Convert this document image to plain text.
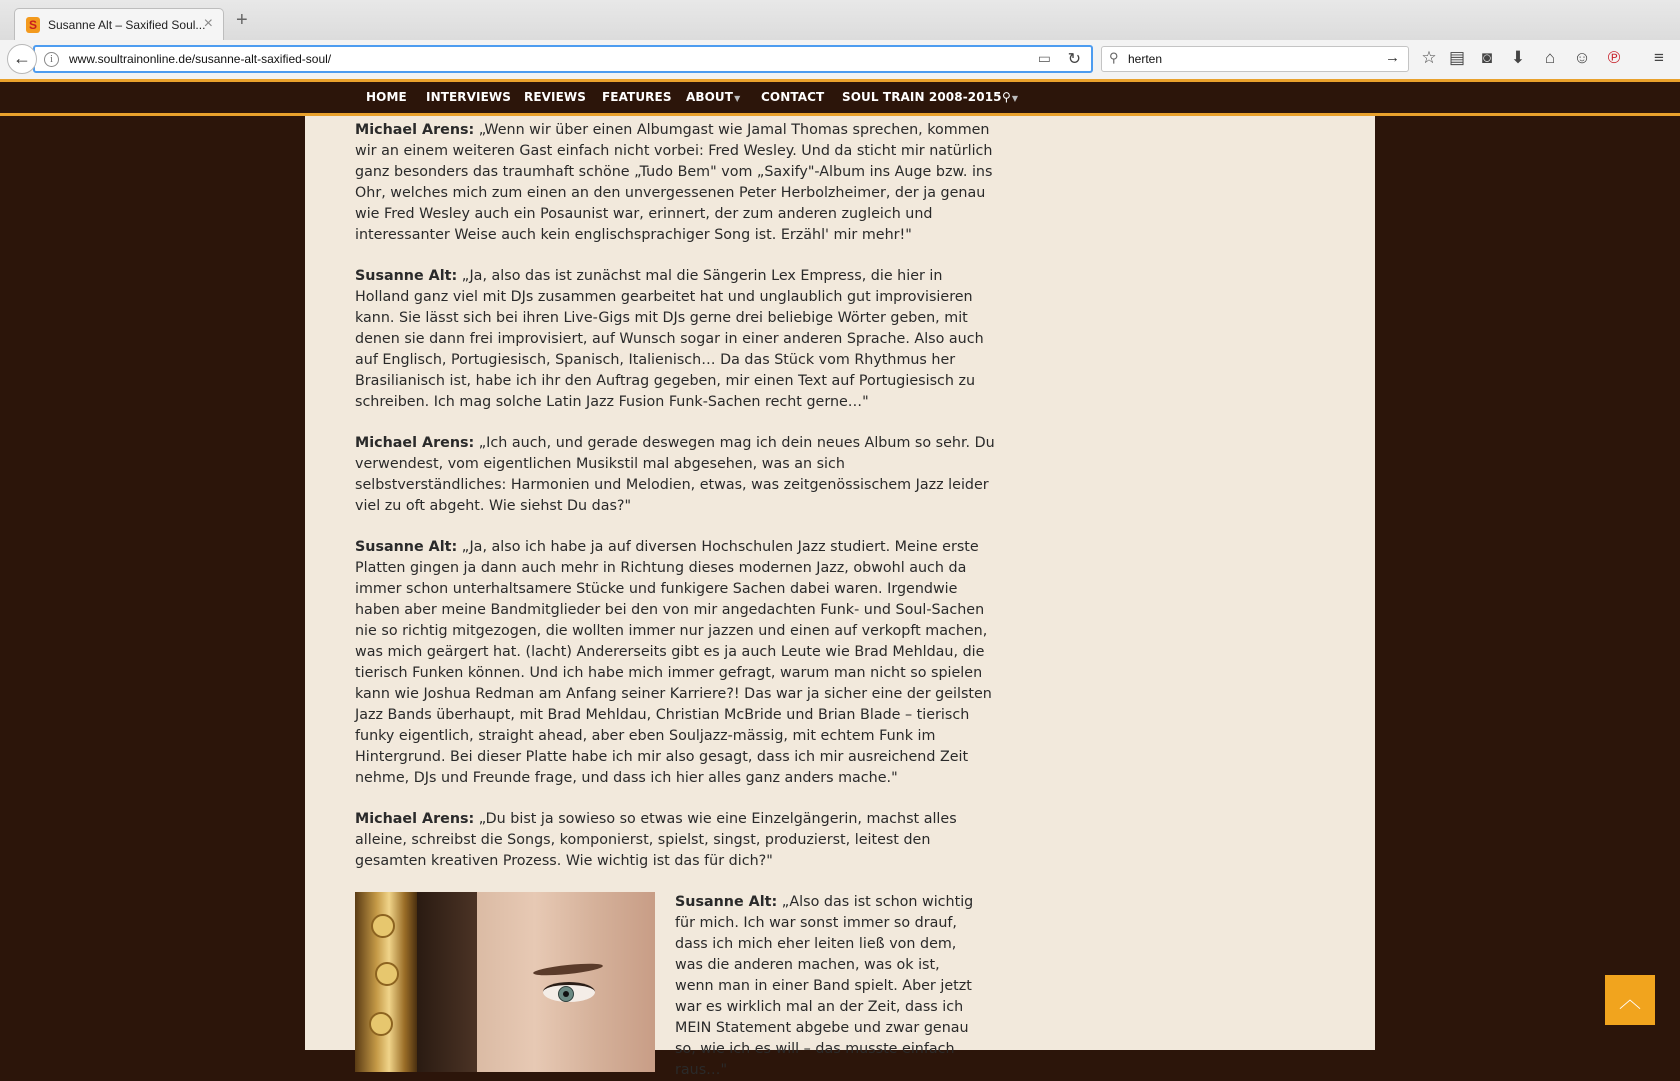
S Susanne Alt – Saxified Soul...
× +
i	www.soultrainonline.de/susanne-alt-saxified-soul/	▭ ↻
←	⚲ herten	→ ☆ ▤ ◙	⬇	⌂	☺ ℗	≡
HOME INTERVIEWS REVIEWS FEATURES ABOUT▼ CONTACT SOUL TRAIN 2008-2015 ⚲▼

Michael Arens: „Wenn wir über einen Albumgast wie Jamal Thomas sprechen, kommen wir an einem weiteren Gast einfach nicht vorbei: Fred Wesley. Und da sticht mir natürlich ganz besonders das traumhaft schöne „Tudo Bem" vom „Saxify"-Album ins Auge bzw. ins Ohr, welches mich zum einen an den unvergessenen Peter Herbolzheimer, der ja genau wie Fred Wesley auch ein Posaunist war, erinnert, der zum anderen zugleich und interessanter Weise auch kein englischsprachiger Song ist. Erzähl' mir mehr!"

Susanne Alt: „Ja, also das ist zunächst mal die Sängerin Lex Empress, die hier in Holland ganz viel mit DJs zusammen gearbeitet hat und unglaublich gut improvisieren kann. Sie lässt sich bei ihren Live-Gigs mit DJs gerne drei beliebige Wörter geben, mit denen sie dann frei improvisiert, auf Wunsch sogar in einer anderen Sprache. Also auch auf Englisch, Portugiesisch, Spanisch, Italienisch… Da das Stück vom Rhythmus her Brasilianisch ist, habe ich ihr den Auftrag gegeben, mir einen Text auf Portugiesisch zu schreiben. Ich mag solche Latin Jazz Fusion Funk-Sachen recht gerne…"

Michael Arens: „Ich auch, und gerade deswegen mag ich dein neues Album so sehr. Du verwendest, vom eigentlichen Musikstil mal abgesehen, was an sich selbstverständliches: Harmonien und Melodien, etwas, was zeitgenössischem Jazz leider viel zu oft abgeht. Wie siehst Du das?"

Susanne Alt: „Ja, also ich habe ja auf diversen Hochschulen Jazz studiert. Meine erste Platten gingen ja dann auch mehr in Richtung dieses modernen Jazz, obwohl auch da immer schon unterhaltsamere Stücke und funkigere Sachen dabei waren. Irgendwie haben aber meine Bandmitglieder bei den von mir angedachten Funk- und Soul-Sachen nie so richtig mitgezogen, die wollten immer nur jazzen und einen auf verkopft machen, was mich geärgert hat. (lacht) Andererseits gibt es ja auch Leute wie Brad Mehldau, die tierisch Funken können. Und ich habe mich immer gefragt, warum man nicht so spielen kann wie Joshua Redman am Anfang seiner Karriere?! Das war ja sicher eine der geilsten Jazz Bands überhaupt, mit Brad Mehldau, Christian McBride und Brian Blade – tierisch funky eigentlich, straight ahead, aber eben Souljazz-mässig, mit echtem Funk im Hintergrund. Bei dieser Platte habe ich mir also gesagt, dass ich mir ausreichend Zeit nehme, DJs und Freunde frage, und dass ich hier alles ganz anders mache."

Michael Arens: „Du bist ja sowieso so etwas wie eine Einzelgängerin, machst alles alleine, schreibst die Songs, komponierst, spielst, singst, produzierst, leitest den gesamten kreativen Prozess. Wie wichtig ist das für dich?"

Susanne Alt: „Also das ist schon wichtig für mich. Ich war sonst immer so drauf, dass ich mich eher leiten ließ von dem, was die anderen machen, was ok ist, wenn man in einer Band spielt. Aber jetzt war es wirklich mal an der Zeit, dass ich MEIN Statement abgebe und zwar genau so, wie ich es will – das musste einfach raus…"
︿
